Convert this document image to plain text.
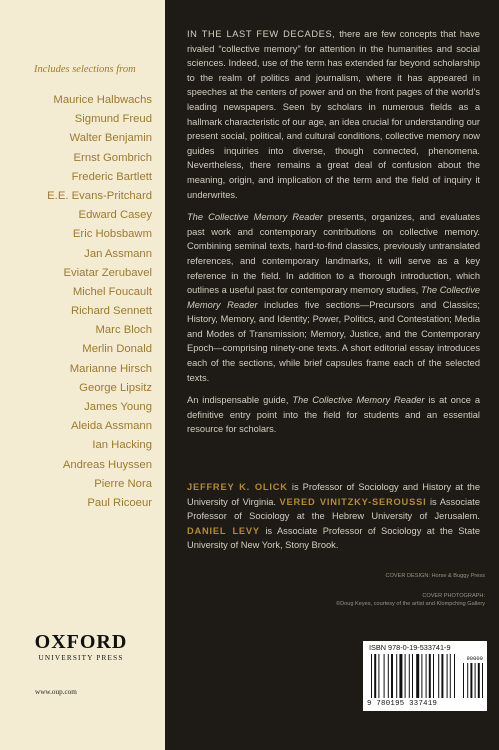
Includes selections from
Maurice Halbwachs
Sigmund Freud
Walter Benjamin
Ernst Gombrich
Frederic Bartlett
E.E. Evans-Pritchard
Edward Casey
Eric Hobsbawm
Jan Assmann
Eviatar Zerubavel
Michel Foucault
Richard Sennett
Marc Bloch
Merlin Donald
Marianne Hirsch
George Lipsitz
James Young
Aleida Assmann
Ian Hacking
Andreas Huyssen
Pierre Nora
Paul Ricoeur
OXFORD
UNIVERSITY PRESS
www.oup.com

IN THE LAST FEW DECADES, there are few concepts that have rivaled “collective memory” for attention in the humanities and social sciences. Indeed, use of the term has extended far beyond scholarship to the realm of politics and journalism, where it has appeared in speeches at the centers of power and on the front pages of the world’s leading newspapers. Seen by scholars in numerous fields as a hallmark characteristic of our age, an idea crucial for understanding our present social, political, and cultural conditions, collective memory now guides inquiries into diverse, though connected, phenomena. Nevertheless, there remains a great deal of confusion about the meaning, origin, and implication of the term and the field of inquiry it underwrites.

The Collective Memory Reader presents, organizes, and evaluates past work and contemporary contributions on collective memory. Combining seminal texts, hard-to-find classics, previously untranslated references, and contemporary landmarks, it will serve as a key reference in the field. In addition to a thorough introduction, which outlines a useful past for contemporary memory studies, The Collective Memory Reader includes five sections—Precursors and Classics; History, Memory, and Identity; Power, Politics, and Contestation; Media and Modes of Transmission; Memory, Justice, and the Contemporary Epoch—comprising ninety-one texts. A short editorial essay introduces each of the sections, while brief capsules frame each of the selected texts.

An indispensable guide, The Collective Memory Reader is at once a definitive entry point into the field for students and an essential resource for scholars.

JEFFREY K. OLICK is Professor of Sociology and History at the University of Virginia. VERED VINITZKY-SEROUSSI is Associate Professor of Sociology at the Hebrew University of Jerusalem. DANIEL LEVY is Associate Professor of Sociology at the State University of New York, Stony Brook.
COVER DESIGN: Horse & Buggy Press
COVER PHOTOGRAPH:
©Doug Keyes, courtesy of the artist and Klompching Gallery
ISBN 978-0-19-533741-9
90000
9 780195 337419
